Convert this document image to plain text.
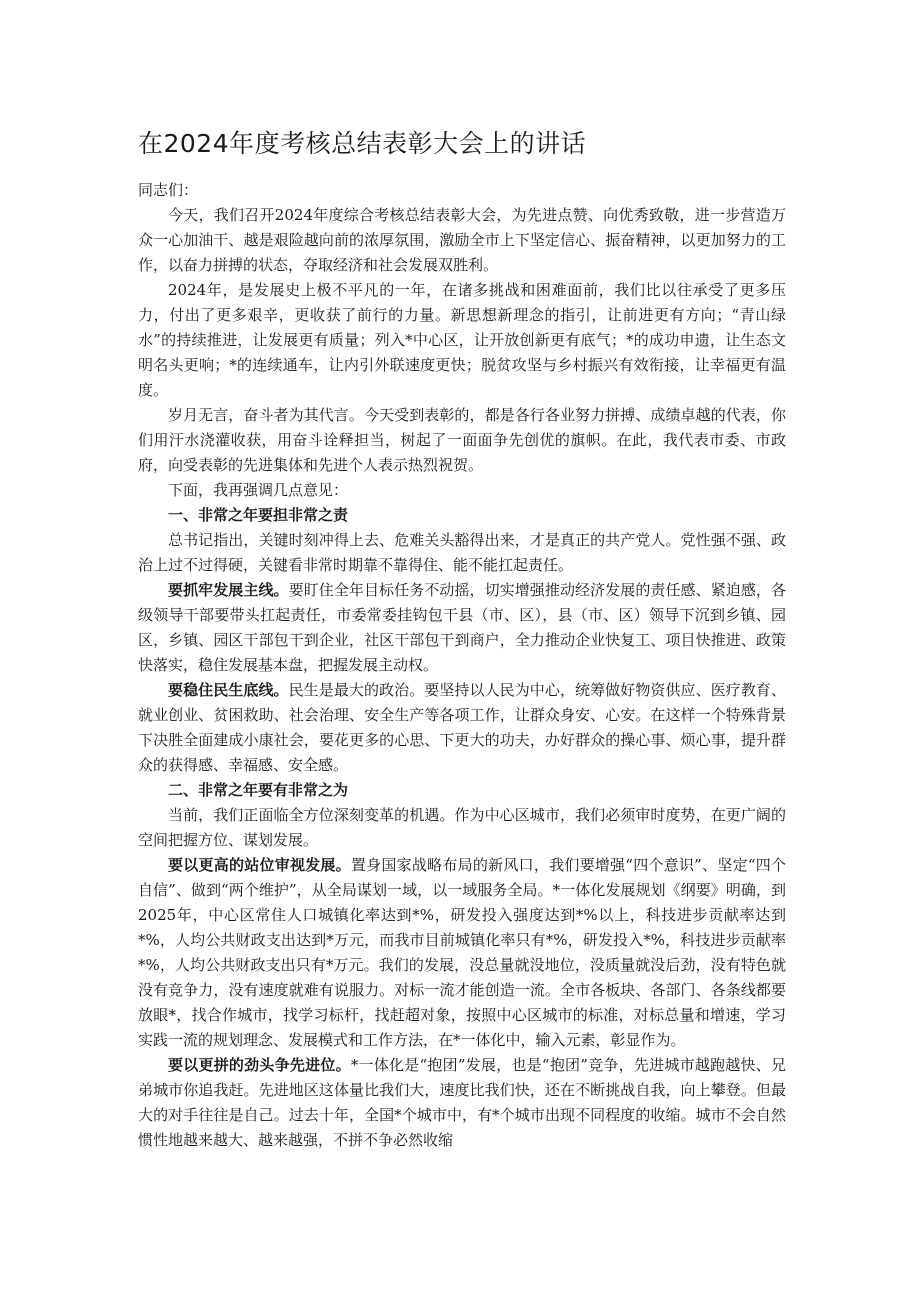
在2024年度考核总结表彰大会上的讲话

同志们：

今天，我们召开2024年度综合考核总结表彰大会，为先进点赞、向优秀致敬，进一步营造万众一心加油干、越是艰险越向前的浓厚氛围，激励全市上下坚定信心、振奋精神，以更加努力的工作，以奋力拼搏的状态，夺取经济和社会发展双胜利。

2024年，是发展史上极不平凡的一年，在诸多挑战和困难面前，我们比以往承受了更多压力，付出了更多艰辛，更收获了前行的力量。新思想新理念的指引，让前进更有方向；“青山绿水”的持续推进，让发展更有质量；列入*中心区，让开放创新更有底气；*的成功申遗，让生态文明名头更响；*的连续通车，让内引外联速度更快；脱贫攻坚与乡村振兴有效衔接，让幸福更有温度。

岁月无言，奋斗者为其代言。今天受到表彰的，都是各行各业努力拼搏、成绩卓越的代表，你们用汗水浇灌收获，用奋斗诠释担当，树起了一面面争先创优的旗帜。在此，我代表市委、市政府，向受表彰的先进集体和先进个人表示热烈祝贺。

下面，我再强调几点意见：

一、非常之年要担非常之责

总书记指出，关键时刻冲得上去、危难关头豁得出来，才是真正的共产党人。党性强不强、政治上过不过得硬，关键看非常时期靠不靠得住、能不能扛起责任。

要抓牢发展主线。要盯住全年目标任务不动摇，切实增强推动经济发展的责任感、紧迫感，各级领导干部要带头扛起责任，市委常委挂钩包干县（市、区），县（市、区）领导下沉到乡镇、园区，乡镇、园区干部包干到企业，社区干部包干到商户，全力推动企业快复工、项目快推进、政策快落实，稳住发展基本盘，把握发展主动权。

要稳住民生底线。民生是最大的政治。要坚持以人民为中心，统筹做好物资供应、医疗教育、就业创业、贫困救助、社会治理、安全生产等各项工作，让群众身安、心安。在这样一个特殊背景下决胜全面建成小康社会，要花更多的心思、下更大的功夫，办好群众的操心事、烦心事，提升群众的获得感、幸福感、安全感。

二、非常之年要有非常之为

当前，我们正面临全方位深刻变革的机遇。作为中心区城市，我们必须审时度势，在更广阔的空间把握方位、谋划发展。

要以更高的站位审视发展。置身国家战略布局的新风口，我们要增强“四个意识”、坚定“四个自信”、做到“两个维护”，从全局谋划一域，以一域服务全局。*一体化发展规划《纲要》明确，到2025年，中心区常住人口城镇化率达到*%，研发投入强度达到*%以上，科技进步贡献率达到*%，人均公共财政支出达到*万元，而我市目前城镇化率只有*%，研发投入*%，科技进步贡献率*%，人均公共财政支出只有*万元。我们的发展，没总量就没地位，没质量就没后劲，没有特色就没有竞争力，没有速度就难有说服力。对标一流才能创造一流。全市各板块、各部门、各条线都要放眼*，找合作城市，找学习标杆，找赶超对象，按照中心区城市的标准，对标总量和增速，学习实践一流的规划理念、发展模式和工作方法，在*一体化中，输入元素，彰显作为。

要以更拼的劲头争先进位。*一体化是“抱团”发展，也是“抱团”竞争，先进城市越跑越快、兄弟城市你追我赶。先进地区这体量比我们大，速度比我们快，还在不断挑战自我，向上攀登。但最大的对手往往是自己。过去十年，全国*个城市中，有*个城市出现不同程度的收缩。城市不会自然惯性地越来越大、越来越强，不拼不争必然收缩
